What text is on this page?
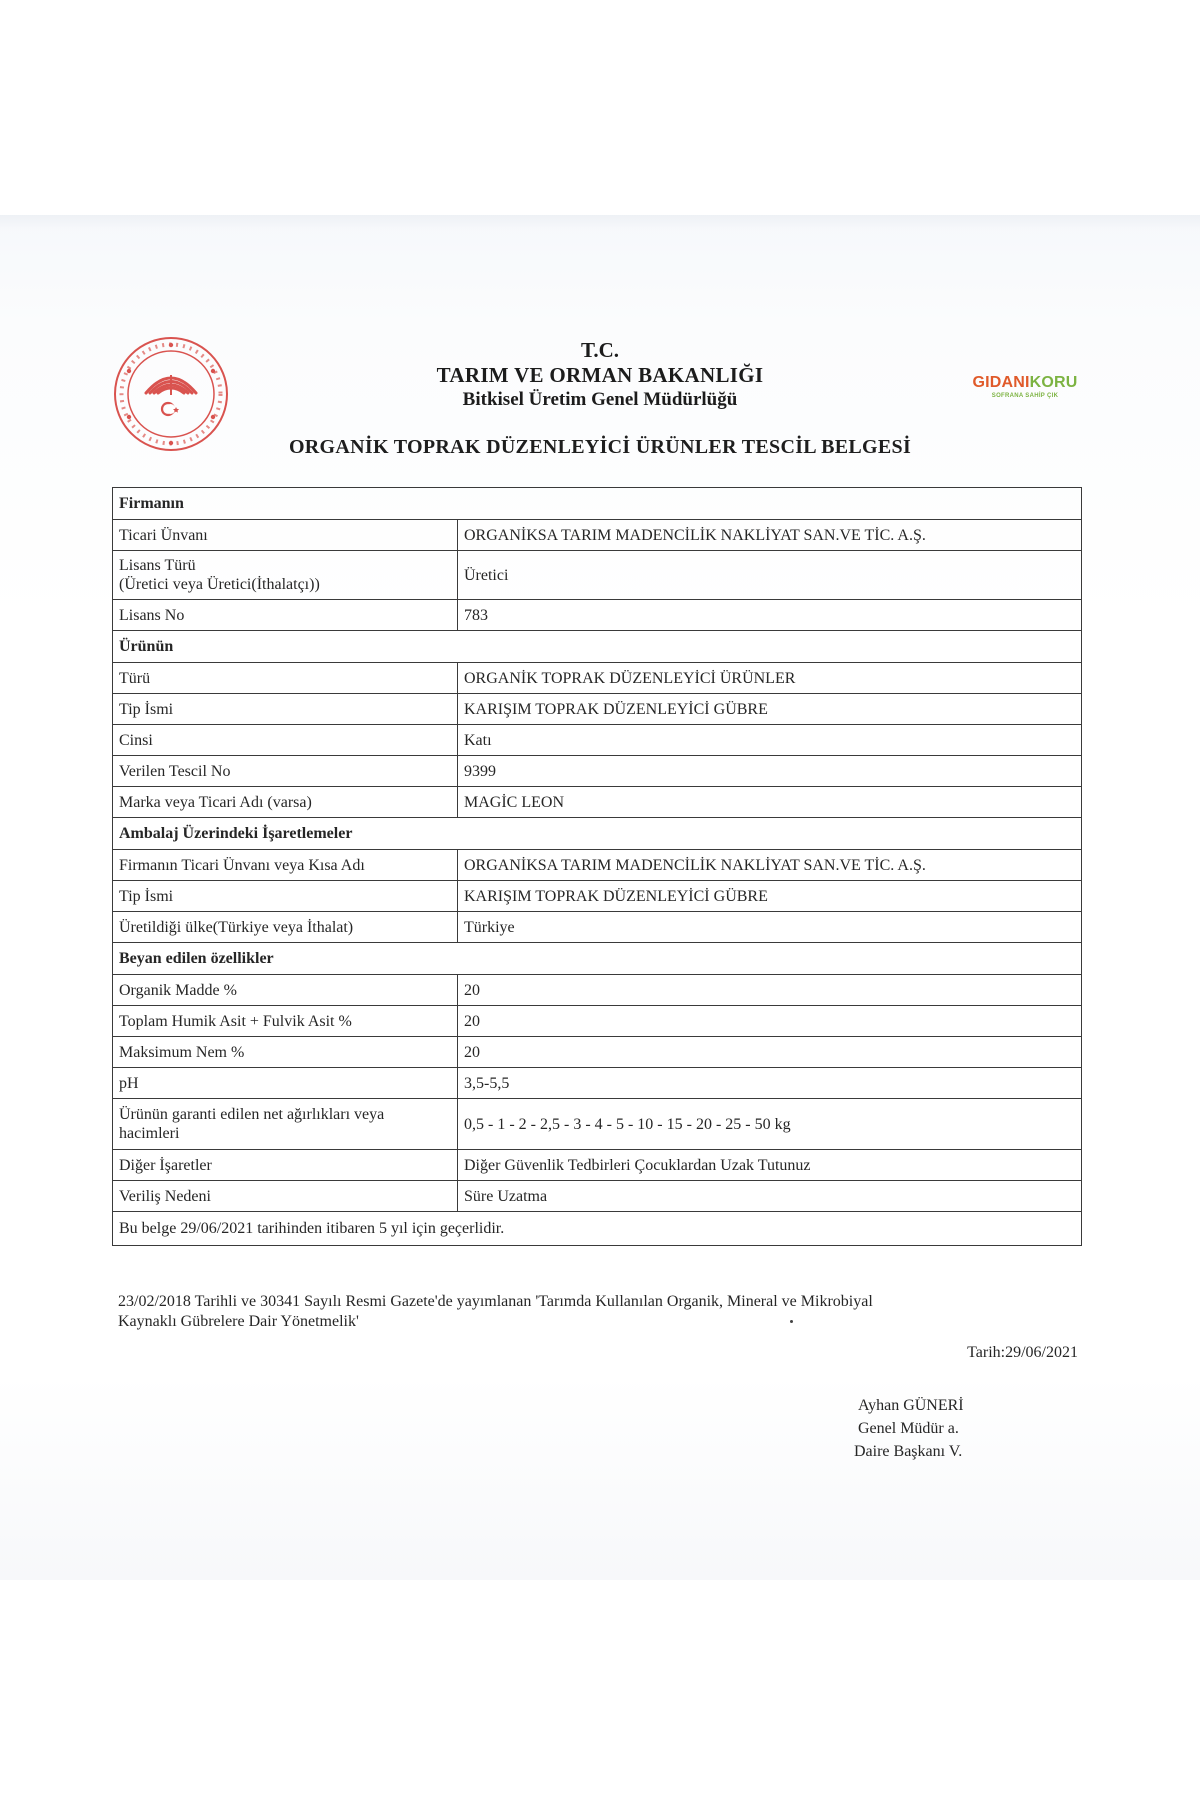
T.C.
TARIM VE ORMAN BAKANLIĞI
Bitkisel Üretim Genel Müdürlüğü
GIDANIKORU
SOFRANA SAHİP ÇIK
ORGANİK TOPRAK DÜZENLEYİCİ ÜRÜNLER TESCİL BELGESİ
Firmanın	
Ticari Ünvanı	ORGANİKSA TARIM MADENCİLİK NAKLİYAT SAN.VE TİC. A.Ş.

Lisans Türü
(Üretici veya Üretici(İthalatçı))	Üretici
Lisans No	783
Ürünün	
Türü	ORGANİK TOPRAK DÜZENLEYİCİ ÜRÜNLER
Tip İsmi	KARIŞIM TOPRAK DÜZENLEYİCİ GÜBRE
Cinsi	Katı
Verilen Tescil No	9399
Marka veya Ticari Adı (varsa)	MAGİC LEON
Ambalaj Üzerindeki İşaretlemeler	
Firmanın Ticari Ünvanı veya Kısa Adı	ORGANİKSA TARIM MADENCİLİK NAKLİYAT SAN.VE TİC. A.Ş.
Tip İsmi	KARIŞIM TOPRAK DÜZENLEYİCİ GÜBRE
Üretildiği ülke(Türkiye veya İthalat)	Türkiye
Beyan edilen özellikler	
Organik Madde %	20
Toplam Humik Asit + Fulvik Asit %	20
Maksimum Nem %	20
pH	3,5-5,5

Ürünün garanti edilen net ağırlıkları veya
hacimleri	0,5 - 1 - 2 - 2,5 - 3 - 4 - 5 - 10 - 15 - 20 - 25 - 50 kg
Diğer İşaretler	Diğer Güvenlik Tedbirleri Çocuklardan Uzak Tutunuz
Veriliş Nedeni	Süre Uzatma
Bu belge 29/06/2021 tarihinden itibaren 5 yıl için geçerlidir.	
23/02/2018 Tarihli ve 30341 Sayılı Resmi Gazete'de yayımlanan 'Tarımda Kullanılan Organik, Mineral ve Mikrobiyal
Kaynaklı Gübrelere Dair Yönetmelik'
Tarih:29/06/2021
Ayhan GÜNERİ
Genel Müdür a.
Daire Başkanı V.
